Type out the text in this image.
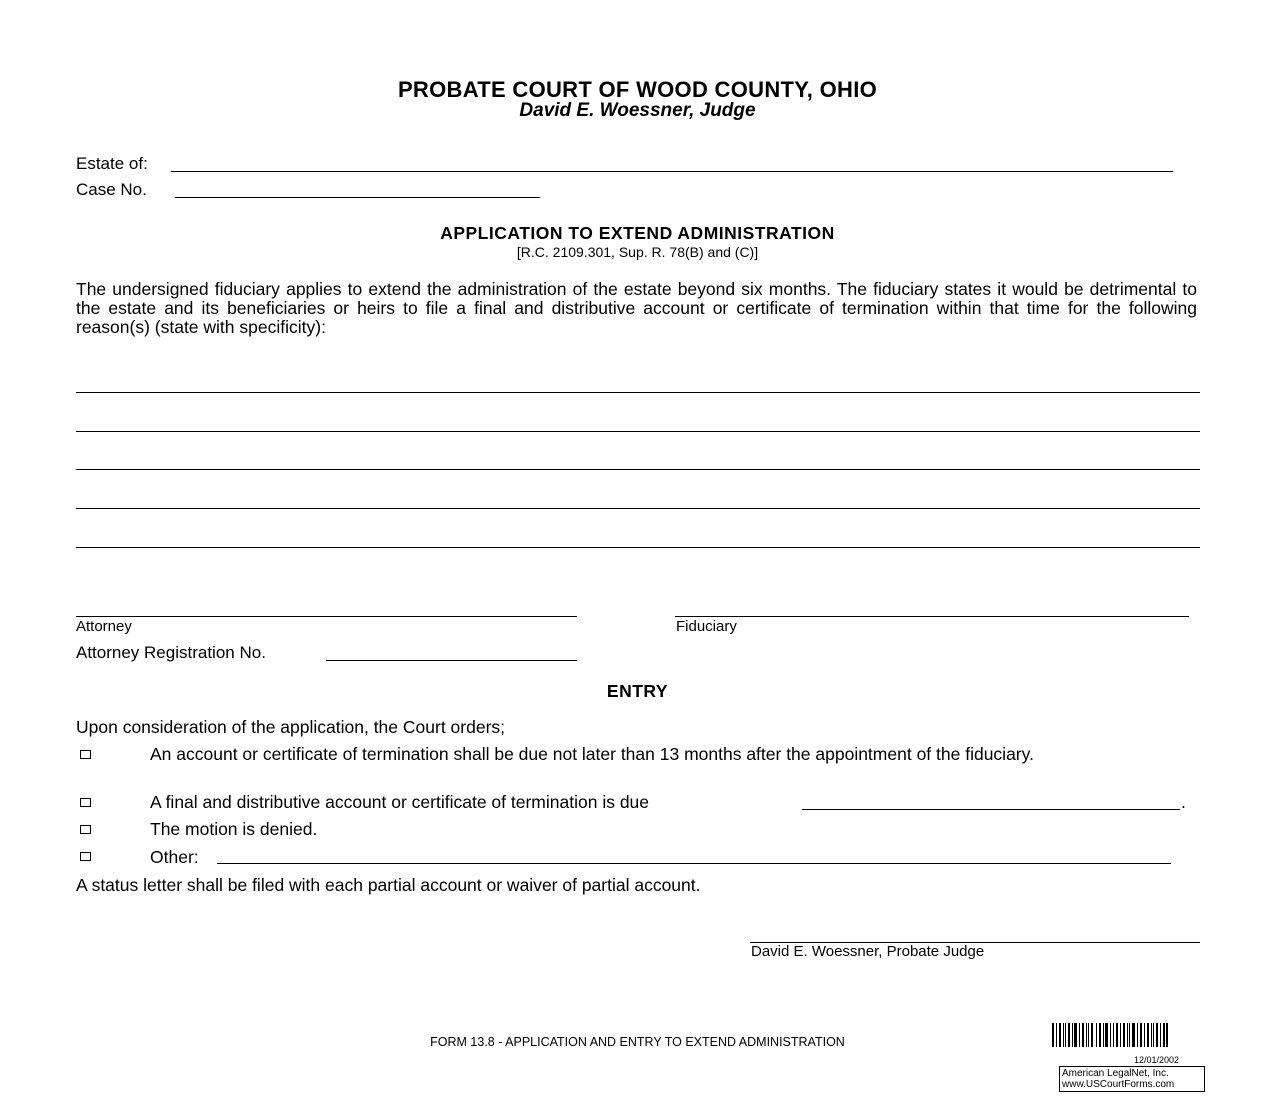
PROBATE COURT OF WOOD COUNTY, OHIO
David E. Woessner, Judge
Estate of:
Case No.
APPLICATION TO EXTEND ADMINISTRATION
[R.C. 2109.301, Sup. R. 78(B) and (C)]
The undersigned fiduciary applies to extend the administration of the estate beyond six months. The fiduciary states it would be detrimental to the estate and its beneficiaries or heirs to file a final and distributive account or certificate of termination within that time for the following reason(s) (state with specificity):
Attorney	Fiduciary
Attorney Registration No.
ENTRY
Upon consideration of the application, the Court orders;
An account or certificate of termination shall be due not later than 13 months after the appointment of the fiduciary.
A final and distributive account or certificate of termination is due	.
The motion is denied.
Other:
A status letter shall be filed with each partial account or waiver of partial account.
David E. Woessner, Probate Judge
FORM 13.8 - APPLICATION AND ENTRY TO EXTEND ADMINISTRATION
12/01/2002
American LegalNet, Inc.
www.USCourtForms.com
